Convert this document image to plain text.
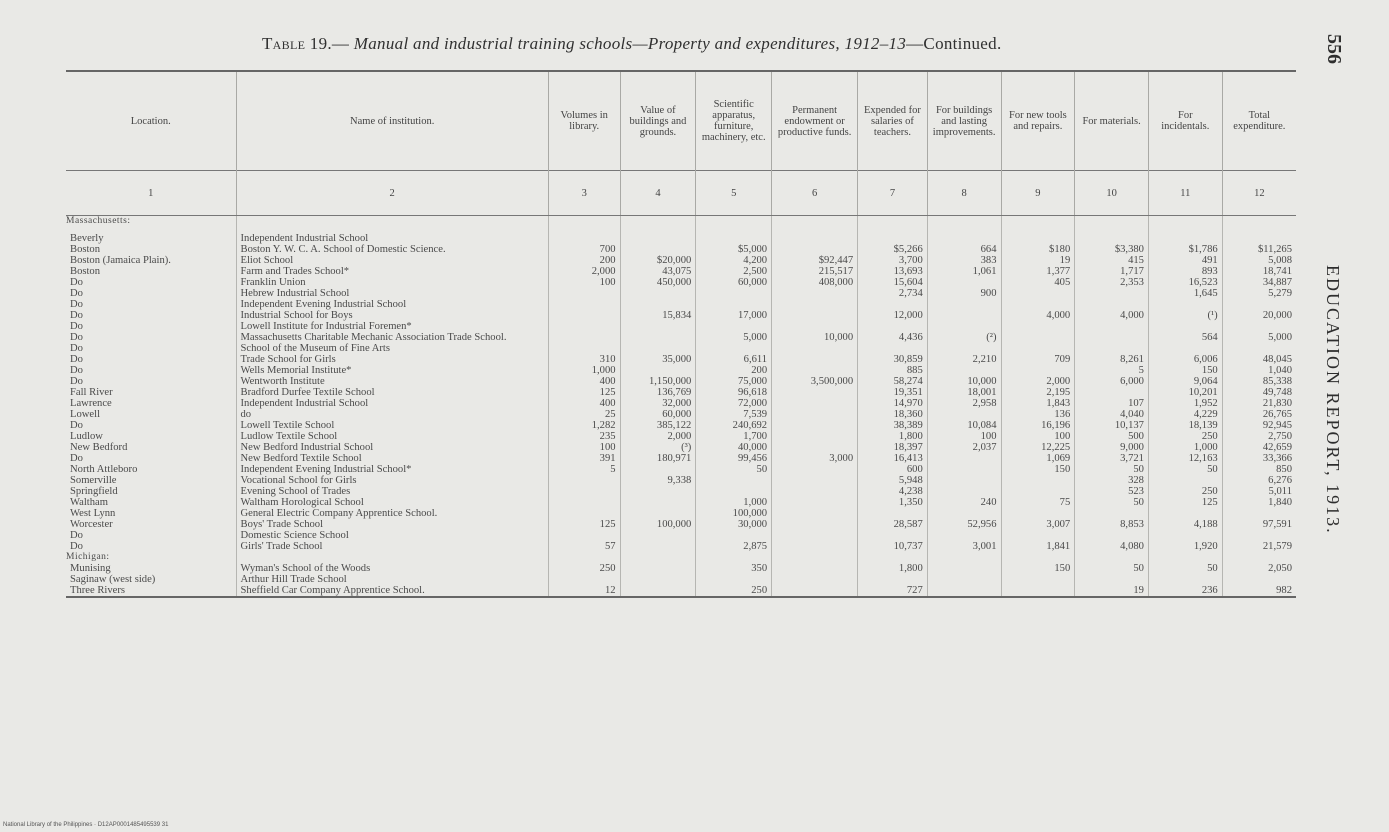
Table 19.— Manual and industrial training schools—Property and expenditures, 1912–13—Continued.	556
EDUCATION REPORT, 1913.
Location.	Name of institution.	Volumes in library.	Value of buildings and grounds.	Scientific apparatus, furniture, machinery, etc.	Permanent endowment or productive funds.	Expended for salaries of teachers.	For buildings and lasting improvements.	For new tools and repairs.	For materials.	For incidentals.	Total expenditure.
1	2	3	4	5	6	7	8	9	10	11	12
Massachusetts:											
Beverly	Independent Industrial School										
Boston	Boston Y. W. C. A. School of Domestic Science.	700		$5,000		$5,266	664	$180	$3,380	$1,786	$11,265
Boston (Jamaica Plain).	Eliot School	200	$20,000	4,200	$92,447	3,700	383	19	415	491	5,008
Boston	Farm and Trades School*	2,000	43,075	2,500	215,517	13,693	1,061	1,377	1,717	893	18,741
Do	Franklin Union	100	450,000	60,000	408,000	15,604		405	2,353	16,523	34,887
Do	Hebrew Industrial School					2,734	900			1,645	5,279
Do	Independent Evening Industrial School										
Do	Industrial School for Boys		15,834	17,000		12,000		4,000	4,000	(¹)	20,000
Do	Lowell Institute for Industrial Foremen*										
Do	Massachusetts Charitable Mechanic Association Trade School.			5,000	10,000	4,436	(²)			564	5,000
Do	School of the Museum of Fine Arts										
Do	Trade School for Girls	310	35,000	6,611		30,859	2,210	709	8,261	6,006	48,045
Do	Wells Memorial Institute*	1,000		200		885			5	150	1,040
Do	Wentworth Institute	400	1,150,000	75,000	3,500,000	58,274	10,000	2,000	6,000	9,064	85,338
Fall River	Bradford Durfee Textile School	125	136,769	96,618		19,351	18,001	2,195		10,201	49,748
Lawrence	Independent Industrial School	400	32,000	72,000		14,970	2,958	1,843	107	1,952	21,830
Lowell	do	25	60,000	7,539		18,360		136	4,040	4,229	26,765
Do	Lowell Textile School	1,282	385,122	240,692		38,389	10,084	16,196	10,137	18,139	92,945
Ludlow	Ludlow Textile School	235	2,000	1,700		1,800	100	100	500	250	2,750
New Bedford	New Bedford Industrial School	100	(³)	40,000		18,397	2,037	12,225	9,000	1,000	42,659
Do	New Bedford Textile School	391	180,971	99,456	3,000	16,413		1,069	3,721	12,163	33,366
North Attleboro	Independent Evening Industrial School*	5		50		600		150	50	50	850
Somerville	Vocational School for Girls		9,338			5,948			328		6,276
Springfield	Evening School of Trades					4,238			523	250	5,011
Waltham	Waltham Horological School			1,000		1,350	240	75	50	125	1,840
West Lynn	General Electric Company Apprentice School.			100,000							
Worcester	Boys' Trade School	125	100,000	30,000		28,587	52,956	3,007	8,853	4,188	97,591
Do	Domestic Science School										
Do	Girls' Trade School	57		2,875		10,737	3,001	1,841	4,080	1,920	21,579
Michigan:											
Munising	Wyman's School of the Woods	250		350		1,800		150	50	50	2,050
Saginaw (west side)	Arthur Hill Trade School										
Three Rivers	Sheffield Car Company Apprentice School.	12		250		727			19	236	982
National Library of the Philippines · D12AP0001485495539 31
